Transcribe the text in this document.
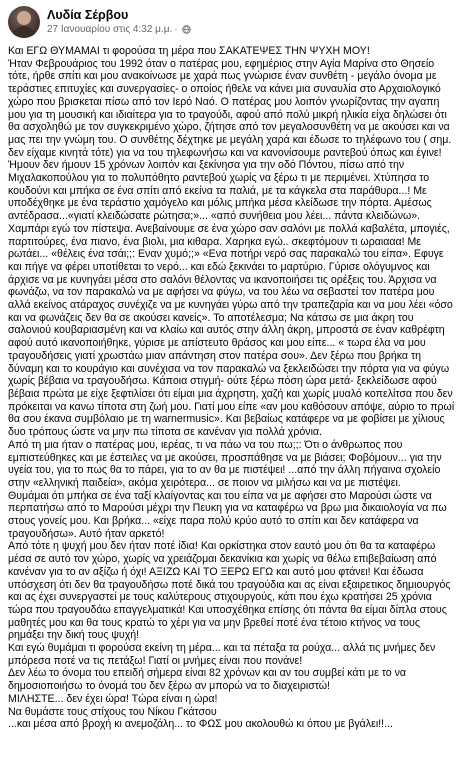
Λυδία Σέρβου
27 Ιανουαρίου στις 4:32 μ.μ. ·

Και ΕΓΩ ΘΥΜΑΜΑΙ τι φορούσα τη μέρα που ΣΑΚΑΤΕΨΕΣ ΤΗΝ ΨΥΧΗ ΜΟΥ!

Ήταν Φεβρουάριος του 1992 όταν ο πατέρας μου, εφημέριος στην Αγία Μαρίνα στο Θησείο τότε, ήρθε σπίτι και μου ανακοίνωσε με χαρά πως γνώρισε έναν συνθέτη - μεγάλο όνομα με τεράστιες επιτυχίες και συνεργασίες- ο οποίος ήθελε να κάνει μια συναυλία στο Αρχαιολογικό χώρο που βρισκεται πίσω από τον Ιερό Ναό. Ο πατέρας μου λοιπόν γνωρίζοντας την αγαπη μου για τη μουσική και ιδιαίτερα για το τραγούδι, αφού από πολύ μικρή ηλικία είχα δηλώσει ότι θα ασχοληθώ με τον συγκεκριμένο χώρο, ζήτησε από τον μεγαλοσυνθέτη να με ακούσει και να μας πει την γνώμη του. Ο συνθέτης δέχτηκε με μεγάλη χαρά και έδωσε το τηλέφωνο του ( σημ. δεν είχαμε κινητά τότε) για να του τηλεφωνήσω και να κανονίσουμε ραντεβού όπως και έγινε!

Ήμουν δεν ήμουν 15 χρόνων λοιπόν και ξεκίνησα για την οδό Πόντου, πίσω από την Μιχαλακοπούλου για το πολυπόθητο ραντεβού χωρίς να ξέρω τι με περιμένει. Χτύπησα το κουδούνι και μπήκα σε ένα σπίτι από εκείνα τα παλιά, με τα κάγκελα στα παράθυρα...! Με υποδέχθηκε με ένα τεράστιο χαμόγελο και μόλις μπήκα μέσα κλείδωσε την πόρτα. Αμέσως αντέδρασα...«γιατί κλειδώσατε ρώτησα;»... «από συνήθεια μου λέει... πάντα κλειδώνω». Χαμπάρι εγώ τον πίστεψα. Ανεβαίνουμε σε ένα χώρο σαν σαλόνι με πολλά καβαλέτα, μπογιές, παρτιτούρες, ένα πιανο, ένα βιολι, μια κιθαρα. Χαρηκα εγώ.. σκεφτόμουν τι ωραιααα! Με ρωτάει... «θέλεις ένα τσάι;;: Εναν χυμό;;» «Ενα ποτήρι νερό σας παρακαλώ του είπα». Εφυγε και πήγε να φέρει υποτίθεται το νερό... και εδώ ξεκινάει το μαρτύριο. Γύρισε ολόγυμνος και άρχισε να με κυνηγάει μέσα στο σαλόνι θέλοντας να ικανοποιήσει τις ορέξεις του. Άρχισα να φωνάζω, να τον παρακαλώ να με αφήσει να φύγω, να του λέω να σεβαστεί τον πατέρα μου αλλά εκείνος ατάραχος συνέχιζε να με κυνηγάει γύρω από την τραπεζαρία και να μου λέει «όσο και να φωνάζεις δεν θα σε ακούσει κανείς». Το αποτέλεσμα; Να κάτσω σε μια άκρη του σαλονιού κουβαριασμένη και να κλαίω και αυτός στην άλλη άκρη, μπροστά σε έναν καθρέφτη αφού αυτό ικανοποιήθηκε, γύρισε με απίστευτο θράσος και μου είπε... « τωρα έλα να μου τραγουδήσεις γιατί χρωστάω μιαν απάντηση στον πατέρα σου». Δεν ξέρω που βρήκα τη δύναμη και το κουράγιο και συνέχισα να τον παρακαλώ να ξεκλειδώσει την πόρτα για να φύγω χωρίς βέβαια να τραγουδήσω. Κάποια στιγμή- ούτε ξέρω πόση ώρα μετά- ξεκλείδωσε αφού βέβαια πρώτα με είχε ξεφτιλίσει ότι είμαι μια άχρηστη, χαζή και χωρίς μυαλό κοπελίτσα που δεν πρόκειται να κανω τίποτα στη ζωή μου. Γιατί μου είπε «αν μου καθόσουν απόψε, αύριο το πρωί θα σου έκανα συμβόλαιο με τη warnermusic». Και βεβαίως κατάφερε να με φοβίσει με χίλιους δυο τρόπους ώστε να μην πω τίποτα σε κανέναν για πολλά χρόνια.

Από τη μια ήταν ο πατέρας μου, ιερέας, τι να πάω να του πω;;: Ότι ο άνθρωπος που εμπιστεύθηκες και με έστειλες να με ακούσει, προσπάθησε να με βιάσει; Φοβόμουν... για την υγεία του, για το πως θα το πάρει, για το αν θα με πιστέψει! ...από την άλλη πήγαινα σχολείο στην «ελληνική παιδεία», ακόμα χειρότερα... σε ποιον να μιλήσω και να με πιστέψει.

Θυμάμαι ότι μπήκα σε ένα ταξί κλαίγοντας και του είπα να με αφήσει στο Μαρούσι ώστε να περπατήσω από το Μαρούσι μέχρι την Πευκη για να καταφέρω να βρω μια δικαιολογία να πω στους γονείς μου. Και βρήκα... «είχε παρα πολύ κρύο αυτό το σπίτι και δεν κατάφερα να τραγουδήσω». Αυτό ήταν αρκετό!

Από τότε η ψυχή μου δεν ήταν ποτέ ίδια! Και ορκίστηκα στον εαυτό μου ότι θα τα καταφέρω μέσα σε αυτό τον χώρο, χωρίς να χρειάζομαι δεκανίκια και χωρίς να θέλω επιβεβαίωση από κανέναν για το αν αξίζω ή όχι! ΑΞΙΖΩ ΚΑΙ ΤΟ ΞΕΡΩ ΕΓΩ και αυτό μου φτάνει! Και έδωσα υπόσχεση ότι δεν θα τραγουδήσω ποτέ δικά του τραγούδια και ας είναι εξαιρετικος δημιουργός και ας έχει συνεργαστεί με τους καλύτερους στιχουργούς, κάτι που έχω κρατήσει 25 χρόνια τώρα που τραγουδάω επαγγελματικά! Και υποσχέθηκα επίσης ότι πάντα θα είμαι δίπλα στους μαθητές μου και θα τους κρατώ το χέρι για να μην βρεθεί ποτέ ένα τέτοιο κτήνος να τους ρημάξει την δική τους ψυχή!

Και εγώ θυμάμαι τι φορούσα εκείνη τη μέρα... και τα πέταξα τα ρούχα... αλλά τις μνήμες δεν μπόρεσα ποτέ να τις πετάξω! Γιατί οι μνήμες είναι που πονάνε!

Δεν λέω το όνομα του επειδή σήμερα είναι 82 χρόνων και αν του συμβεί κάτι με το να δημοσιοποιήσω το όνομά του δεν ξέρω αν μπορώ να το διαχειριστώ!

ΜΙΛΗΣΤΕ... δεν έχει ώρα! Τώρα είναι η ώρα!

Να θυμάστε τους στίχους του Νίκου Γκάτσου

...και μέσα από βροχή κι ανεμοζάλη... το ΦΩΣ μου ακολουθώ κι όπου με βγάλει!!...
